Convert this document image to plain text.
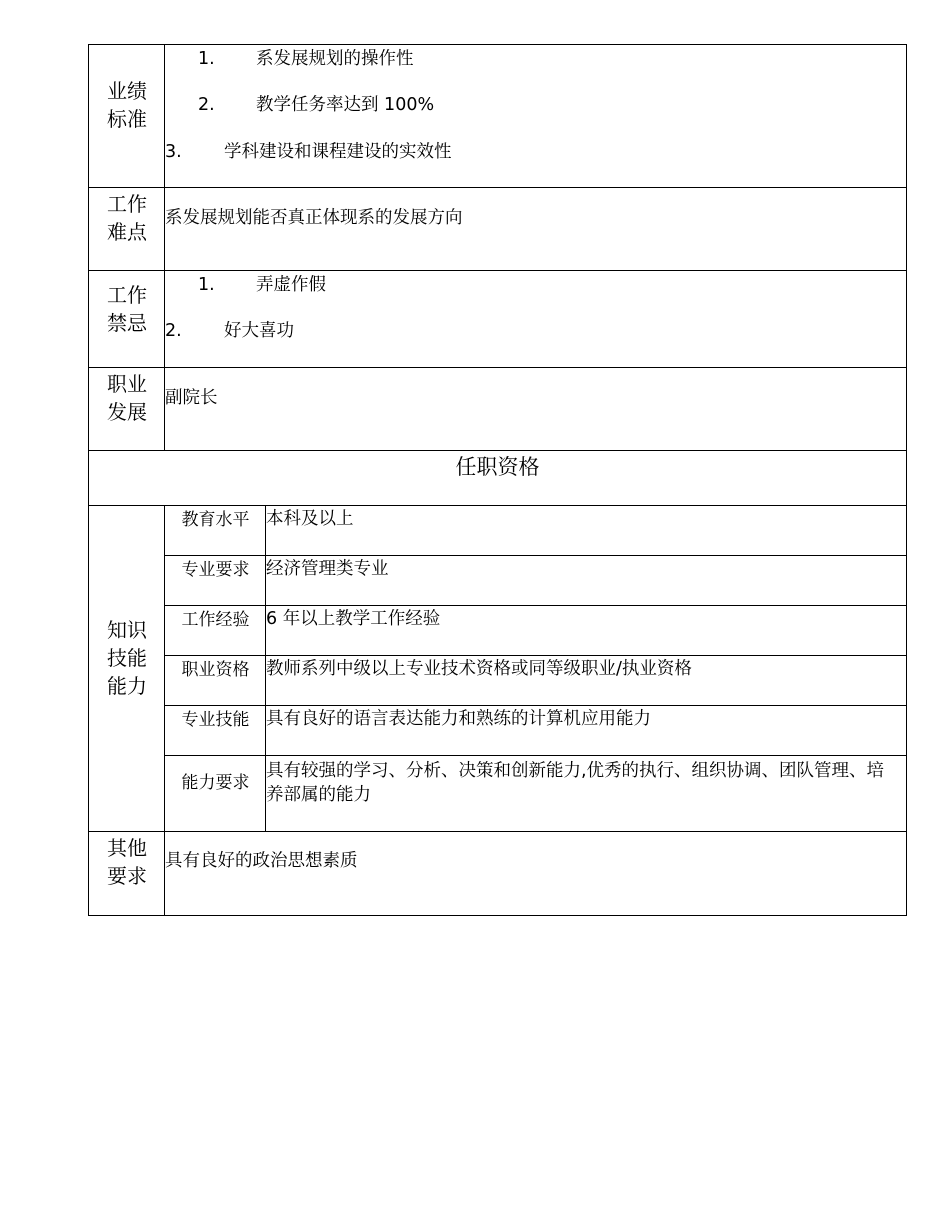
业绩
标准
1. 系发展规划的操作性
2. 教学任务率达到 100%
3. 学科建设和课程建设的实效性
工作
难点
系发展规划能否真正体现系的发展方向
工作
禁忌
1. 弄虚作假
2. 好大喜功
职业
发展
副院长
任职资格
知识
技能
能力
教育水平 本科及以上
专业要求 经济管理类专业
工作经验 6 年以上教学工作经验
职业资格 教师系列中级以上专业技术资格或同等级职业/执业资格
专业技能 具有良好的语言表达能力和熟练的计算机应用能力
能力要求
具有较强的学习、分析、决策和创新能力,优秀的执行、组织协调、团队管理、培养部属的能力
其他
要求
具有良好的政治思想素质
